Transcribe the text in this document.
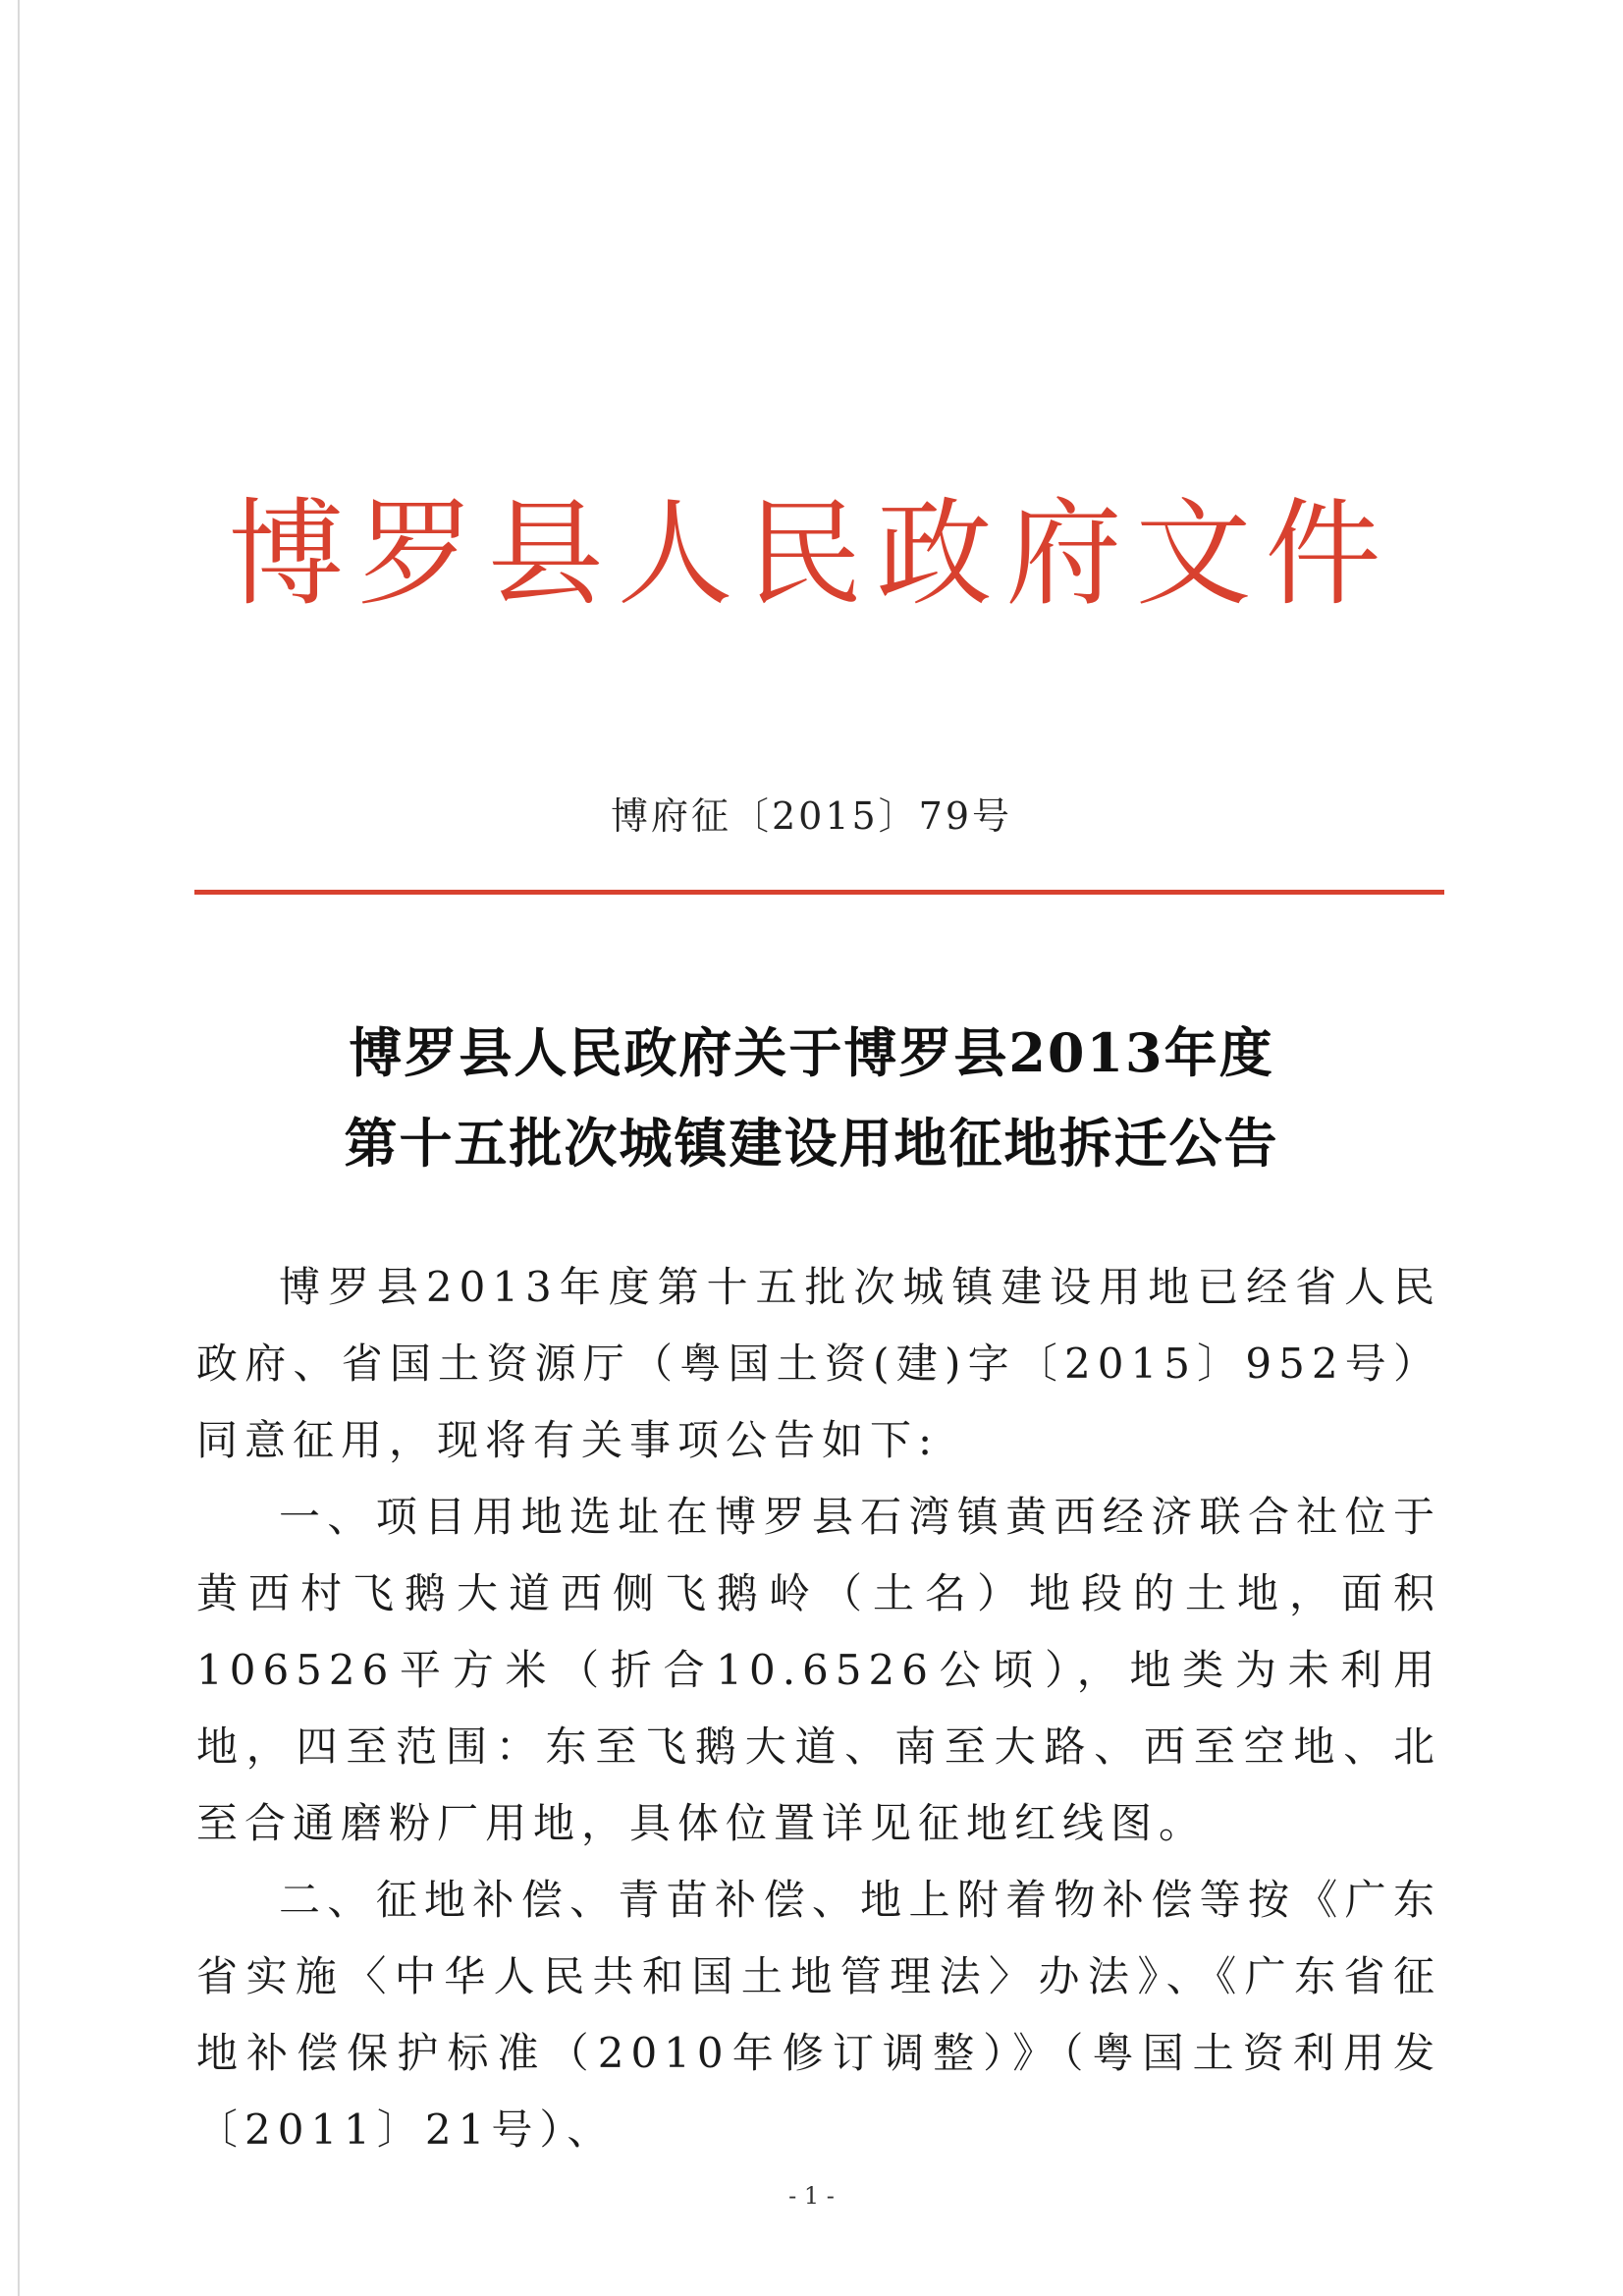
博罗县人民政府文件
博府征〔2015〕79号
博罗县人民政府关于博罗县2013年度
第十五批次城镇建设用地征地拆迁公告

博罗县2013年度第十五批次城镇建设用地已经省人民政府、省国土资源厅（粤国土资(建)字〔2015〕952号）同意征用，现将有关事项公告如下:

一、项目用地选址在博罗县石湾镇黄西经济联合社位于黄西村飞鹅大道西侧飞鹅岭（土名）地段的土地，面积106526平方米（折合10.6526公顷），地类为未利用地，四至范围：东至飞鹅大道、南至大路、西至空地、北至合通磨粉厂用地，具体位置详见征地红线图。

二、征地补偿、青苗补偿、地上附着物补偿等按《广东省实施〈中华人民共和国土地管理法〉办法》、《广东省征地补偿保护标准（2010年修订调整）》（粤国土资利用发〔2011〕21号）、

- 1 -
